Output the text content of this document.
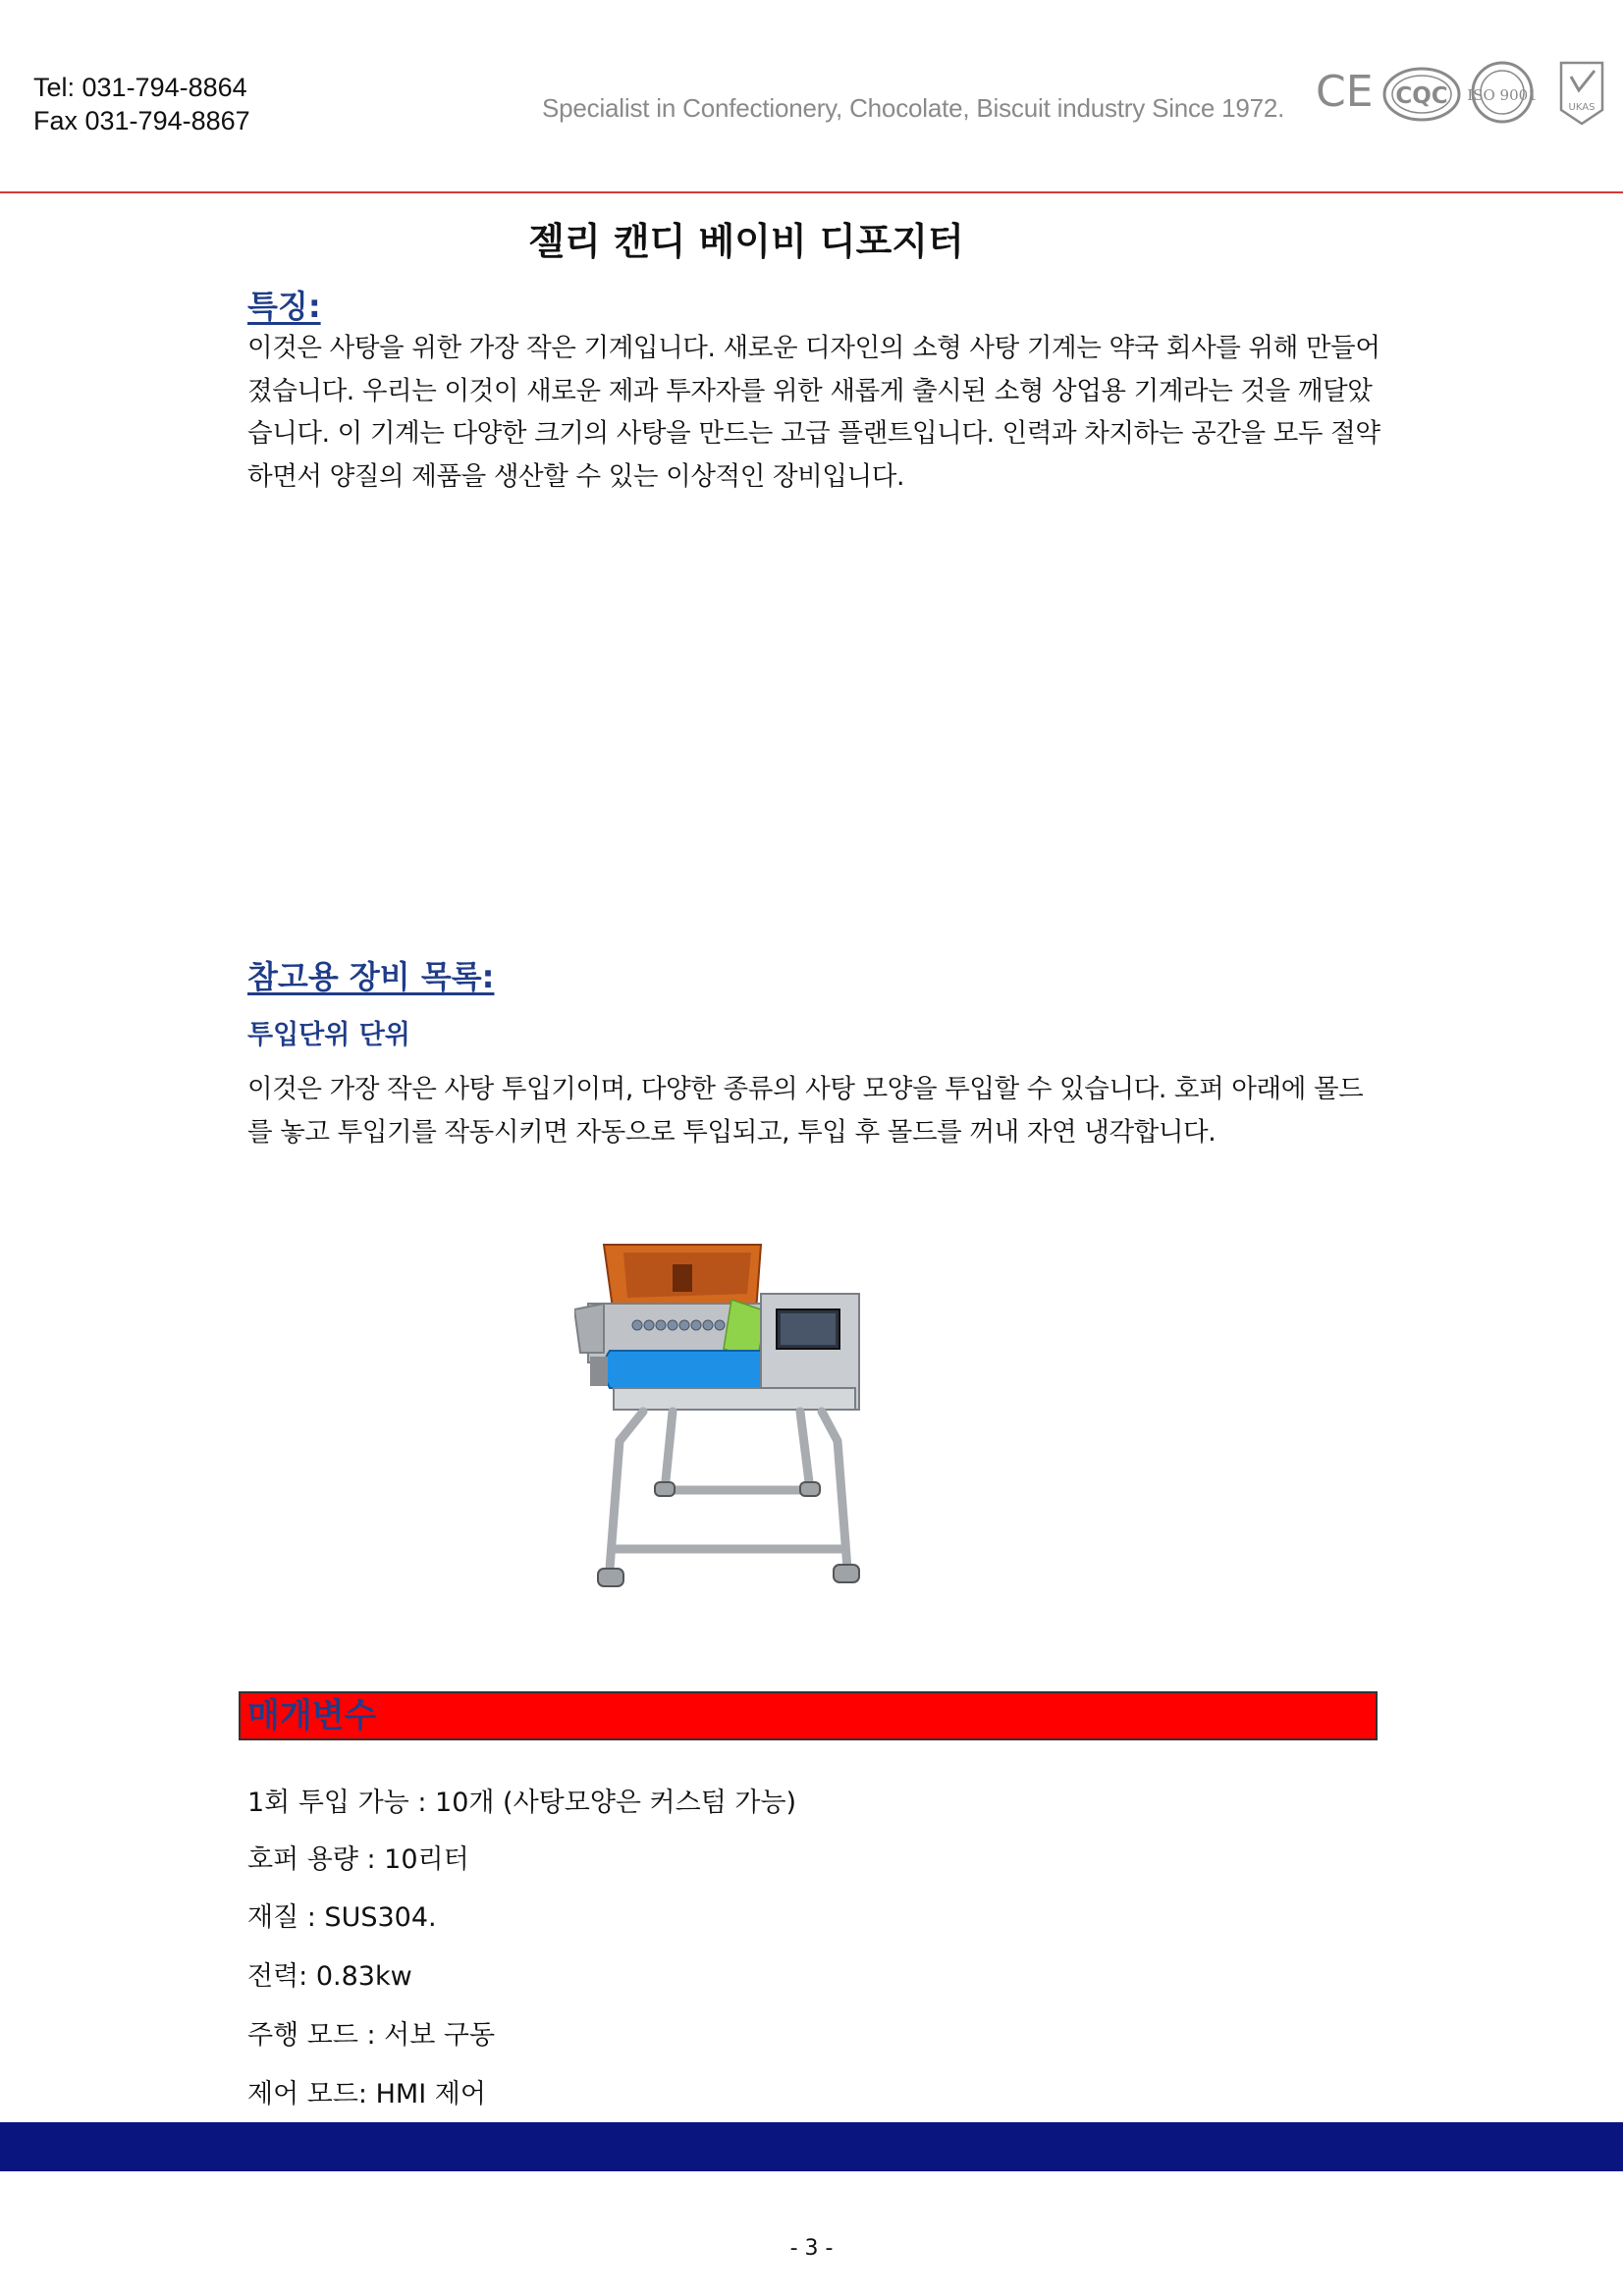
Tel: 031-794-8864
Fax 031-794-8867	Specialist in Confectionery, Chocolate, Biscuit industry Since 1972. CE CQC ISO 9001
UKAS
젤리 캔디 베이비 디포지터
특징:
이것은 사탕을 위한 가장 작은 기계입니다. 새로운 디자인의 소형 사탕 기계는 약국 회사를 위해 만들어졌습니다. 우리는 이것이 새로운 제과 투자자를 위한 새롭게 출시된 소형 상업용 기계라는 것을 깨달았습니다. 이 기계는 다양한 크기의 사탕을 만드는 고급 플랜트입니다. 인력과 차지하는 공간을 모두 절약하면서 양질의 제품을 생산할 수 있는 이상적인 장비입니다.
참고용 장비 목록:
투입단위 단위
이것은 가장 작은 사탕 투입기이며, 다양한 종류의 사탕 모양을 투입할 수 있습니다. 호퍼 아래에 몰드를 놓고 투입기를 작동시키면 자동으로 투입되고, 투입 후 몰드를 꺼내 자연 냉각합니다.
매개변수
1회 투입 가능 : 10개 (사탕모양은 커스텀 가능)
호퍼 용량 : 10리터
재질 : SUS304.
전력: 0.83kw
주행 모드 : 서보 구동
제어 모드: HMI 제어
- 3 -
